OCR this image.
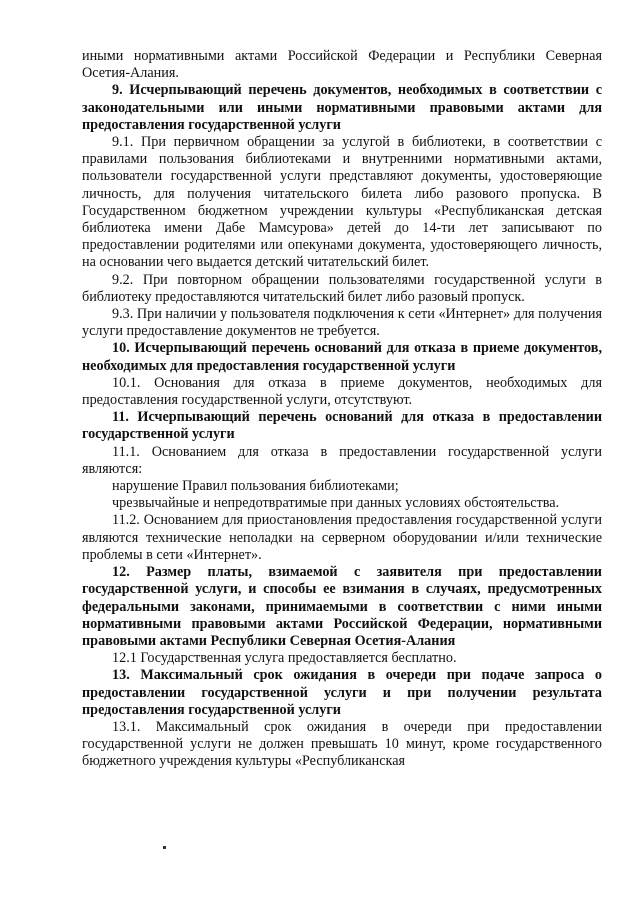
иными нормативными актами Российской Федерации и Республики Северная Осетия-Алания.

9. Исчерпывающий перечень документов, необходимых в соответствии с законодательными или иными нормативными правовыми актами для предоставления государственной услуги

9.1. При первичном обращении за услугой в библиотеки, в соответствии с правилами пользования библиотеками и внутренними нормативными актами, пользователи государственной услуги представляют документы, удостоверяющие личность, для получения читательского билета либо разового пропуска. В Государственном бюджетном учреждении культуры «Республиканская детская библиотека имени Дабе Мамсурова» детей до 14-ти лет записывают по предоставлении родителями или опекунами документа, удостоверяющего личность, на основании чего выдается детский читательский билет.

9.2. При повторном обращении пользователями государственной услуги в библиотеку предоставляются читательский билет либо разовый пропуск.

9.3. При наличии у пользователя подключения к сети «Интернет» для получения услуги предоставление документов не требуется.

10. Исчерпывающий перечень оснований для отказа в приеме документов, необходимых для предоставления государственной услуги

10.1. Основания для отказа в приеме документов, необходимых для предоставления государственной услуги, отсутствуют.

11. Исчерпывающий перечень оснований для отказа в предоставлении государственной услуги

11.1. Основанием для отказа в предоставлении государственной услуги являются:

нарушение Правил пользования библиотеками;

чрезвычайные и непредотвратимые при данных условиях обстоятельства.

11.2. Основанием для приостановления предоставления государственной услуги являются технические неполадки на серверном оборудовании и/или технические проблемы в сети «Интернет».

12. Размер платы, взимаемой с заявителя при предоставлении государственной услуги, и способы ее взимания в случаях, предусмотренных федеральными законами, принимаемыми в соответствии с ними иными нормативными правовыми актами Российской Федерации, нормативными правовыми актами Республики Северная Осетия-Алания

12.1 Государственная услуга предоставляется бесплатно.

13. Максимальный срок ожидания в очереди при подаче запроса о предоставлении государственной услуги и при получении результата предоставления государственной услуги

13.1. Максимальный срок ожидания в очереди при предоставлении государственной услуги не должен превышать 10 минут, кроме государственного бюджетного учреждения культуры «Республиканская
